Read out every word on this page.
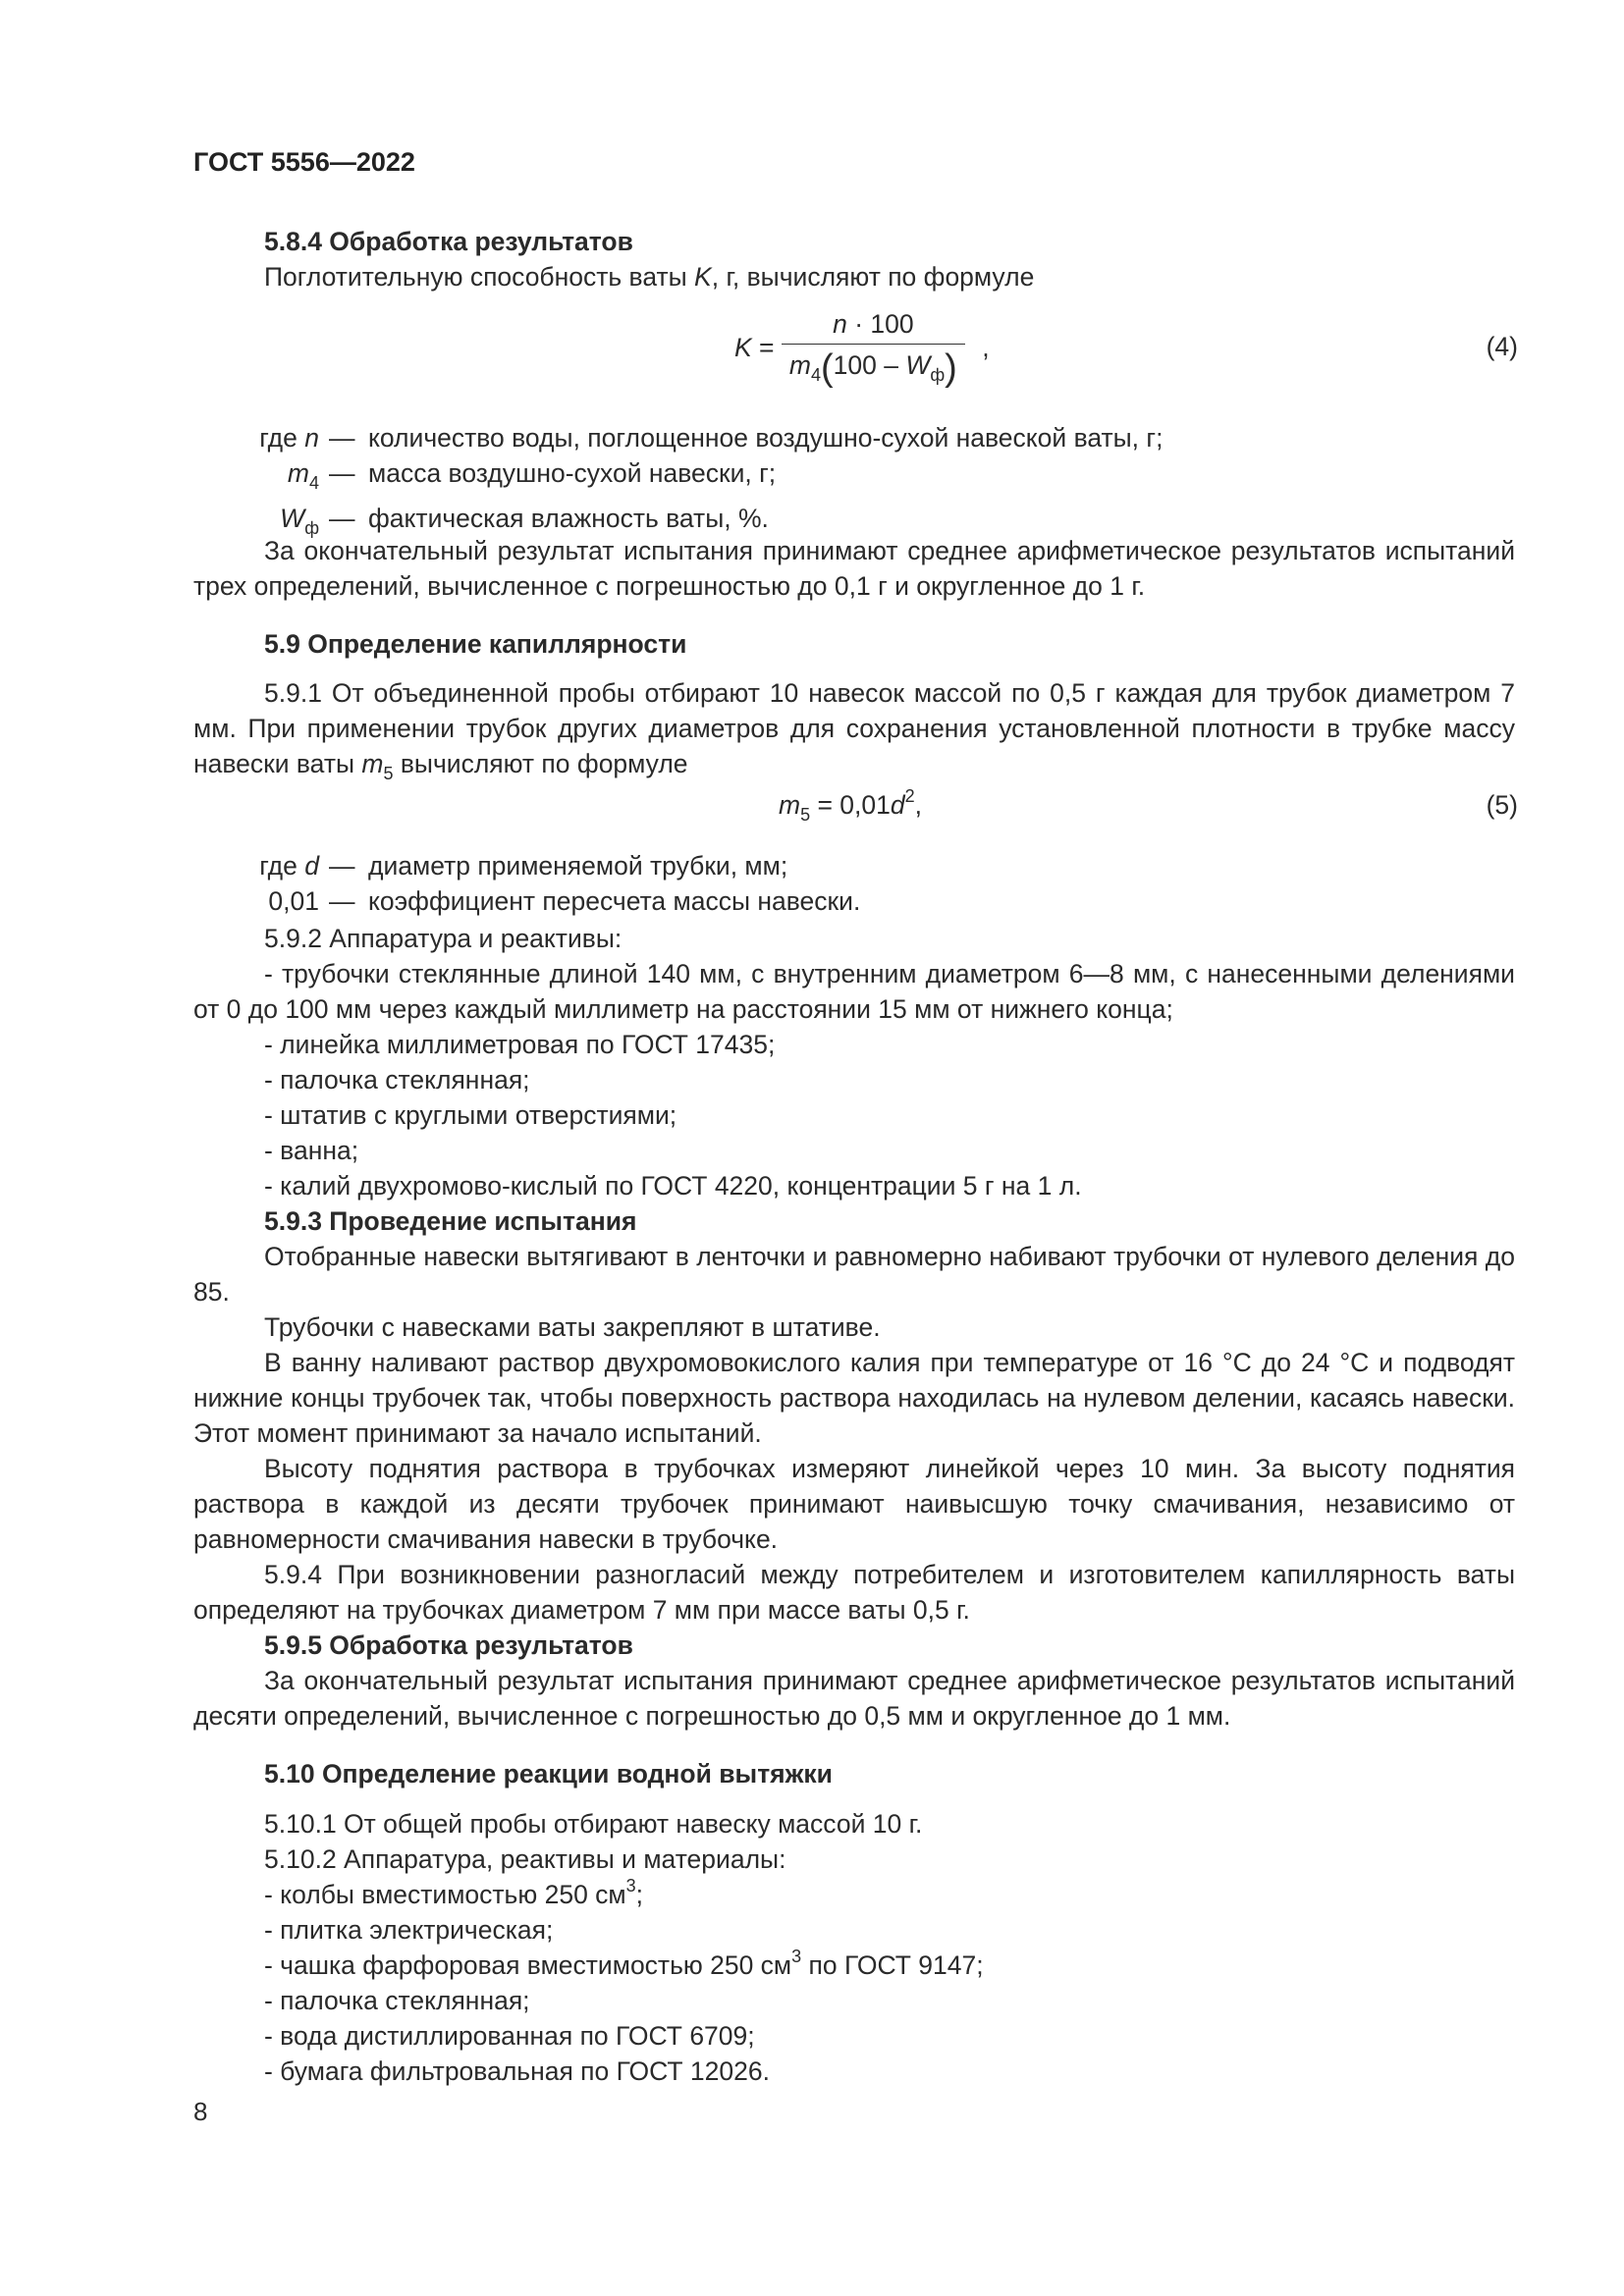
ГОСТ 5556—2022
5.8.4 Обработка результатов
Поглотительную способность ваты K, г, вычисляют по формуле
$K = \frac{n \cdot 100}{m_4(100 - W_ф)}$ ,	(4)
где n — количество воды, поглощенное воздушно-сухой навеской ваты, г;
$m_4$ — масса воздушно-сухой навески, г;
$W_ф$ — фактическая влажность ваты, %.
За окончательный результат испытания принимают среднее арифметическое результатов испытаний трех определений, вычисленное с погрешностью до 0,1 г и округленное до 1 г.
5.9 Определение капиллярности
5.9.1 От объединенной пробы отбирают 10 навесок массой по 0,5 г каждая для трубок диаметром 7 мм. При применении трубок других диаметров для сохранения установленной плотности в трубке массу навески ваты $m_5$ вычисляют по формуле
$m_5 = 0,01d^2$,	(5)
где d — диаметр применяемой трубки, мм;
0,01 — коэффициент пересчета массы навески.
5.9.2 Аппаратура и реактивы:
- трубочки стеклянные длиной 140 мм, с внутренним диаметром 6—8 мм, с нанесенными делениями от 0 до 100 мм через каждый миллиметр на расстоянии 15 мм от нижнего конца;
- линейка миллиметровая по ГОСТ 17435;
- палочка стеклянная;
- штатив с круглыми отверстиями;
- ванна;
- калий двухромово-кислый по ГОСТ 4220, концентрации 5 г на 1 л.
5.9.3 Проведение испытания
Отобранные навески вытягивают в ленточки и равномерно набивают трубочки от нулевого деления до 85.
Трубочки с навесками ваты закрепляют в штативе.
В ванну наливают раствор двухромовокислого калия при температуре от 16 °С до 24 °С и подводят нижние концы трубочек так, чтобы поверхность раствора находилась на нулевом делении, касаясь навески. Этот момент принимают за начало испытаний.
Высоту поднятия раствора в трубочках измеряют линейкой через 10 мин. За высоту поднятия раствора в каждой из десяти трубочек принимают наивысшую точку смачивания, независимо от равномерности смачивания навески в трубочке.
5.9.4 При возникновении разногласий между потребителем и изготовителем капиллярность ваты определяют на трубочках диаметром 7 мм при массе ваты 0,5 г.
5.9.5 Обработка результатов
За окончательный результат испытания принимают среднее арифметическое результатов испытаний десяти определений, вычисленное с погрешностью до 0,5 мм и округленное до 1 мм.
5.10 Определение реакции водной вытяжки
5.10.1 От общей пробы отбирают навеску массой 10 г.
5.10.2 Аппаратура, реактивы и материалы:
- колбы вместимостью 250 $см^3$;
- плитка электрическая;
- чашка фарфоровая вместимостью 250 $см^3$ по ГОСТ 9147;
- палочка стеклянная;
- вода дистиллированная по ГОСТ 6709;
- бумага фильтровальная по ГОСТ 12026.
8
